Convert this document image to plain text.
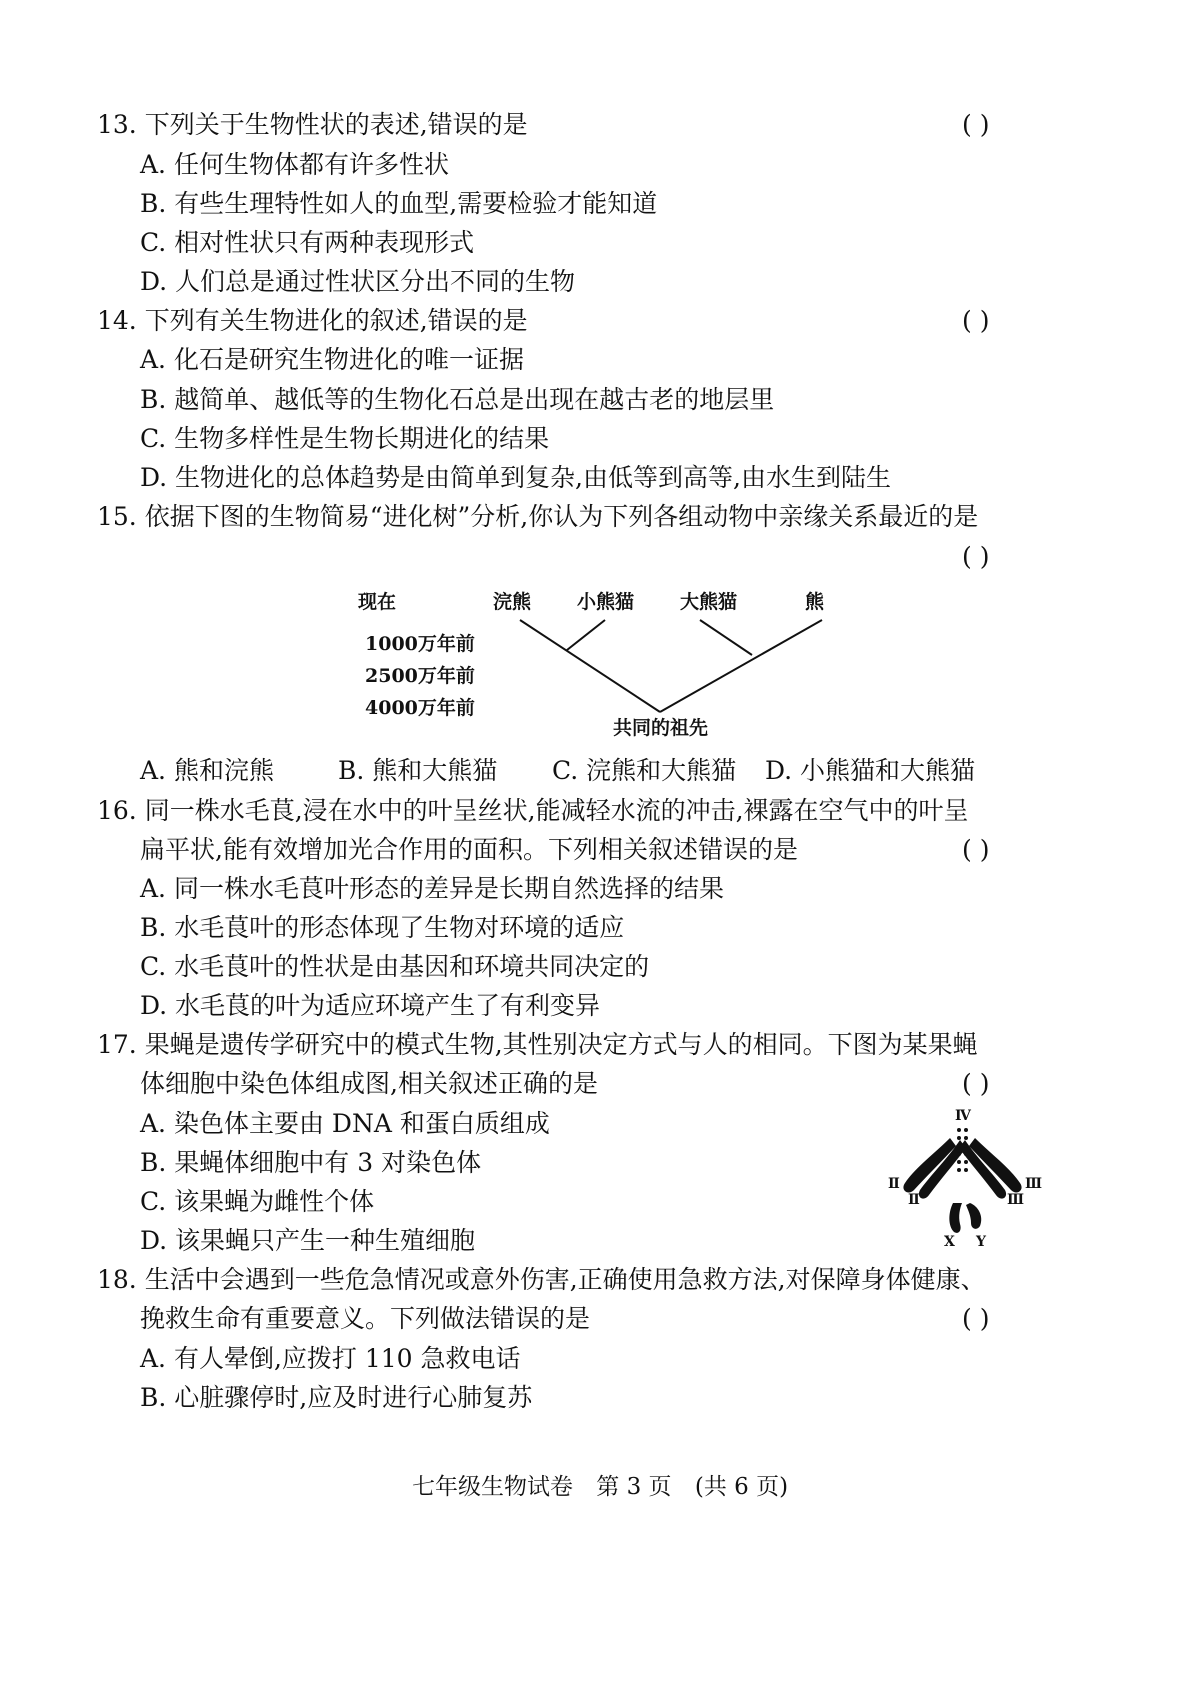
13. 下列关于生物性状的表述,错误的是	( )
A. 任何生物体都有许多性状
B. 有些生理特性如人的血型,需要检验才能知道
C. 相对性状只有两种表现形式
D. 人们总是通过性状区分出不同的生物
14. 下列有关生物进化的叙述,错误的是	( )
A. 化石是研究生物进化的唯一证据
B. 越简单、越低等的生物化石总是出现在越古老的地层里
C. 生物多样性是生物长期进化的结果
D. 生物进化的总体趋势是由简单到复杂,由低等到高等,由水生到陆生
15. 依据下图的生物简易“进化树”分析,你认为下列各组动物中亲缘关系最近的是
( )
现在	浣熊 小熊猫 大熊猫	熊
1000万年前
2500万年前
4000万年前
共同的祖先
A. 熊和浣熊	B. 熊和大熊猫 C. 浣熊和大熊猫 D. 小熊猫和大熊猫
16. 同一株水毛茛,浸在水中的叶呈丝状,能减轻水流的冲击,裸露在空气中的叶呈
扁平状,能有效增加光合作用的面积。下列相关叙述错误的是	( )
A. 同一株水毛茛叶形态的差异是长期自然选择的结果
B. 水毛茛叶的形态体现了生物对环境的适应
C. 水毛茛叶的性状是由基因和环境共同决定的
D. 水毛茛的叶为适应环境产生了有利变异
17. 果蝇是遗传学研究中的模式生物,其性别决定方式与人的相同。下图为某果蝇
体细胞中染色体组成图,相关叙述正确的是	( )
A. 染色体主要由 DNA 和蛋白质组成
B. 果蝇体细胞中有 3 对染色体
C. 该果蝇为雌性个体
D. 该果蝇只产生一种生殖细胞
Ⅳ
Ⅱ
Ⅱ
Ⅲ
Ⅲ
X Y
18. 生活中会遇到一些危急情况或意外伤害,正确使用急救方法,对保障身体健康、
挽救生命有重要意义。下列做法错误的是	( )
A. 有人晕倒,应拨打 110 急救电话
B. 心脏骤停时,应及时进行心肺复苏
七年级生物试卷 第 3 页 (共 6 页)
